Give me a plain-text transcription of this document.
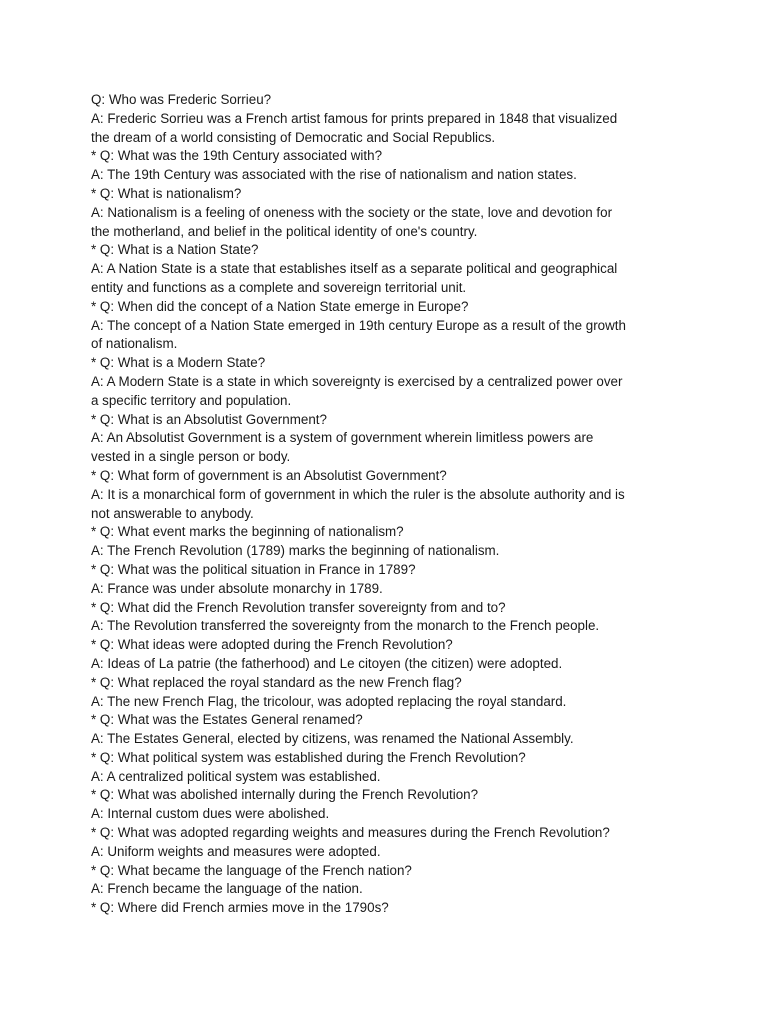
Q: Who was Frederic Sorrieu?

A: Frederic Sorrieu was a French artist famous for prints prepared in 1848 that visualized

the dream of a world consisting of Democratic and Social Republics.

* Q: What was the 19th Century associated with?

A: The 19th Century was associated with the rise of nationalism and nation states.

* Q: What is nationalism?

A: Nationalism is a feeling of oneness with the society or the state, love and devotion for

the motherland, and belief in the political identity of one's country.

* Q: What is a Nation State?

A: A Nation State is a state that establishes itself as a separate political and geographical

entity and functions as a complete and sovereign territorial unit.

* Q: When did the concept of a Nation State emerge in Europe?

A: The concept of a Nation State emerged in 19th century Europe as a result of the growth

of nationalism.

* Q: What is a Modern State?

A: A Modern State is a state in which sovereignty is exercised by a centralized power over

a specific territory and population.

* Q: What is an Absolutist Government?

A: An Absolutist Government is a system of government wherein limitless powers are

vested in a single person or body.

* Q: What form of government is an Absolutist Government?

A: It is a monarchical form of government in which the ruler is the absolute authority and is

not answerable to anybody.

* Q: What event marks the beginning of nationalism?

A: The French Revolution (1789) marks the beginning of nationalism.

* Q: What was the political situation in France in 1789?

A: France was under absolute monarchy in 1789.

* Q: What did the French Revolution transfer sovereignty from and to?

A: The Revolution transferred the sovereignty from the monarch to the French people.

* Q: What ideas were adopted during the French Revolution?

A: Ideas of La patrie (the fatherhood) and Le citoyen (the citizen) were adopted.

* Q: What replaced the royal standard as the new French flag?

A: The new French Flag, the tricolour, was adopted replacing the royal standard.

* Q: What was the Estates General renamed?

A: The Estates General, elected by citizens, was renamed the National Assembly.

* Q: What political system was established during the French Revolution?

A: A centralized political system was established.

* Q: What was abolished internally during the French Revolution?

A: Internal custom dues were abolished.

* Q: What was adopted regarding weights and measures during the French Revolution?

A: Uniform weights and measures were adopted.

* Q: What became the language of the French nation?

A: French became the language of the nation.

* Q: Where did French armies move in the 1790s?
